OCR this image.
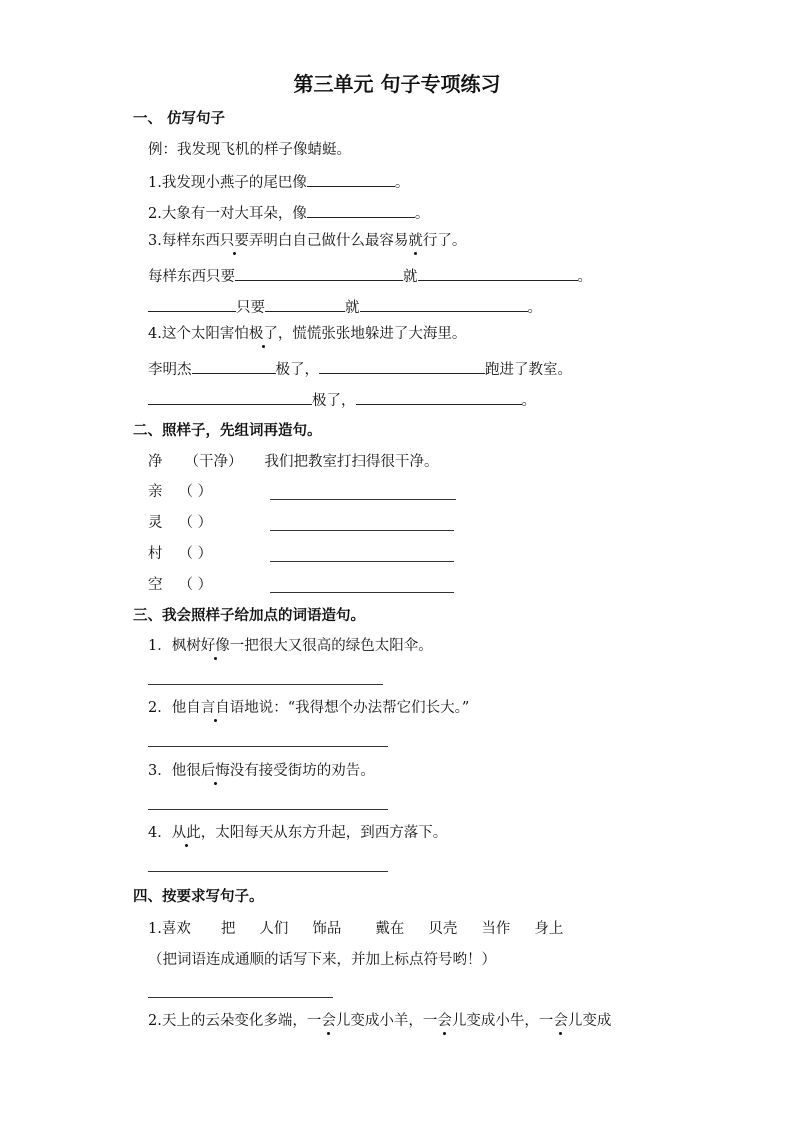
第三单元 句子专项练习
一、 仿写句子
例：我发现飞机的样子像蜻蜓。
1.我发现小燕子的尾巴像	。
2.大象有一对大耳朵，像	。
3.每样东西只要弄明白自己做什么最容易就行了。
每样东西只要	就	。
只要	就	。
4.这个太阳害怕极了，慌慌张张地躲进了大海里。
李明杰	极了，	跑进了教室。
极了，	。
二、照样子，先组词再造句。
净 （干净） 我们把教室打扫得很干净。
亲 （ ）
灵 （ ）
村 （ ）
空 （ ）
三、我会照样子给加点的词语造句。
1．枫树好像一把很大又很高的绿色太阳伞。
2．他自言自语地说：“我得想个办法帮它们长大。”
3．他很后悔没有接受街坊的劝告。
4．从此，太阳每天从东方升起，到西方落下。
四、按要求写句子。
1.喜欢 把 人们 饰品 戴在 贝壳 当作 身上
（把词语连成通顺的话写下来，并加上标点符号哟！）
2.天上的云朵变化多端，一会儿变成小羊，一会儿变成小牛，一会儿变成
